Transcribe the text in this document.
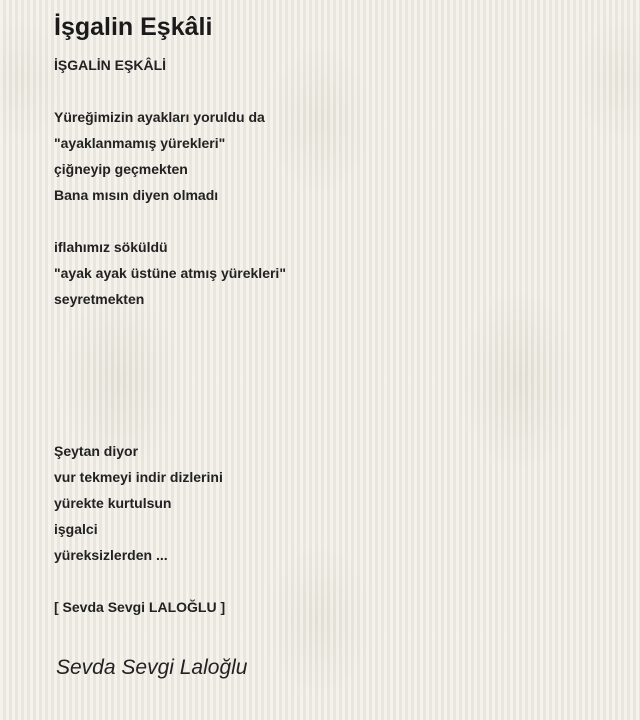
İşgalin Eşkâli
İŞGALİN EŞKÂLİ
Yüreğimizin ayakları yoruldu da
"ayaklanmamış yürekleri"
çiğneyip geçmekten
Bana mısın diyen olmadı
iflahımız söküldü
"ayak ayak üstüne atmış yürekleri"
seyretmekten
Şeytan diyor
vur tekmeyi indir dizlerini
yürekte kurtulsun
işgalci
yüreksizlerden ...
[ Sevda Sevgi LALOĞLU ]
Sevda Sevgi Laloğlu
